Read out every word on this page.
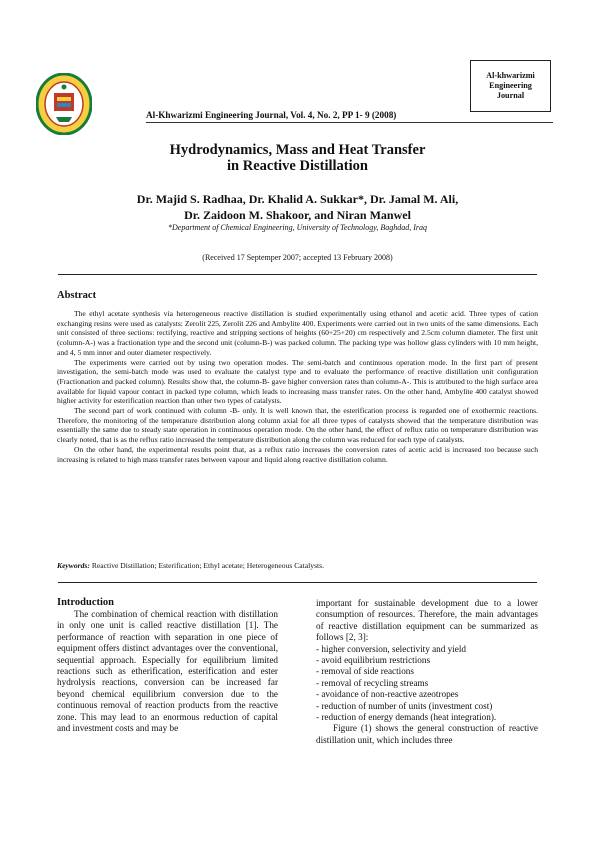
Al-khwarizmi
Engineering
Journal
Al-Khwarizmi Engineering Journal, Vol. 4, No. 2, PP 1- 9 (2008)
Hydrodynamics, Mass and Heat Transfer
in Reactive Distillation
Dr. Majid S. Radhaa, Dr. Khalid A. Sukkar*, Dr. Jamal M. Ali,
Dr. Zaidoon M. Shakoor, and Niran Manwel
*Department of Chemical Engineering, University of Technology, Baghdad, Iraq
(Received 17 Septemper 2007; accepted 13 February 2008)
Abstract

The ethyl acetate synthesis via heterogeneous reactive distillation is studied experimentally using ethanol and acetic acid. Three types of cation exchanging resins were used as catalysts: Zerolit 225, Zerolit 226 and Ambylite 400. Experiments were carried out in two units of the same dimensions. Each unit consisted of three sections: rectifying, reactive and stripping sections of heights (60+25+20) cm respectively and 2.5cm column diameter. The first unit (column-A-) was a fractionation type and the second unit (column-B-) was packed column. The packing type was hollow glass cylinders with 10 mm height, and 4, 5 mm inner and outer diameter respectively.

The experiments were carried out by using two operation modes. The semi-batch and continuous operation mode. In the first part of present investigation, the semi-batch mode was used to evaluate the catalyst type and to evaluate the performance of reactive distillation unit configuration (Fractionation and packed column). Results show that, the column-B- gave higher conversion rates than column-A-. This is attributed to the high surface area available for liquid vapour contact in packed type column, which leads to increasing mass transfer rates. On the other hand, Ambylite 400 catalyst showed higher activity for esterification reaction than other two types of catalysts.

The second part of work continued with column -B- only. It is well known that, the esterification process is regarded one of exothermic reactions. Therefore, the monitoring of the temperature distribution along column axial for all three types of catalysts showed that the temperature distribution was essentially the same due to steady state operation in continuous operation mode. On the other hand, the effect of reflux ratio on temperature distribution was clearly noted, that is as the reflux ratio increased the temperature distribution along the column was reduced for each type of catalysts.

On the other hand, the experimental results point that, as a reflux ratio increases the conversion rates of acetic acid is increased too because such increasing is related to high mass transfer rates between vapour and liquid along reactive distillation column.

Keywords: Reactive Distillation; Esterification; Ethyl acetate; Heterogeneous Catalysts.
Introduction

The combination of chemical reaction with distillation in only one unit is called reactive distillation [1]. The performance of reaction with separation in one piece of equipment offers distinct advantages over the conventional, sequential approach. Especially for equilibrium limited reactions such as etherification, esterification and ester hydrolysis reactions, conversion can be increased far beyond chemical equilibrium conversion due to the continuous removal of reaction products from the reactive zone. This may lead to an enormous reduction of capital and investment costs and may be

important for sustainable development due to a lower consumption of resources. Therefore, the main advantages of reactive distillation equipment can be summarized as follows [2, 3]:

- higher conversion, selectivity and yield
- avoid equilibrium restrictions
- removal of side reactions
- removal of recycling streams
- avoidance of non-reactive azeotropes
- reduction of number of units (investment cost)
- reduction of energy demands (heat integration).

Figure (1) shows the general construction of reactive distillation unit, which includes three
